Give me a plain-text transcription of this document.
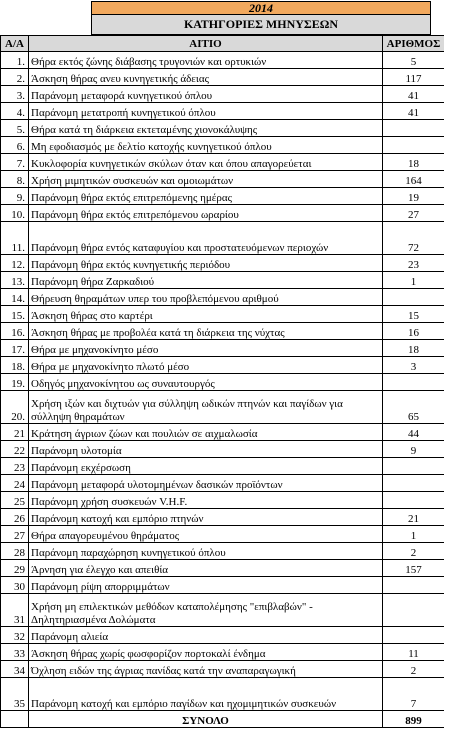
2014
ΚΑΤΗΓΟΡΙΕΣ ΜΗΝΥΣΕΩΝ
Α/Α	ΑΙΤΙΟ	ΑΡΙΘΜΟΣ
1.	Θήρα εκτός ζώνης διάβασης τρυγονιών και ορτυκιών	5
2.	Άσκηση θήρας ανευ κυνηγετικής άδειας	117
3.	Παράνομη μεταφορά κυνηγετικού όπλου	41
4.	Παράνομη μετατροπή κυνηγετικού όπλου	41
5.	Θήρα κατά τη διάρκεια εκτεταμένης χιονοκάλυψης	
6.	Μη εφοδιασμός με δελτίο κατοχής κυνηγετικού όπλου	
7.	Κυκλοφορία κυνηγετικών σκύλων όταν και όπου απαγορεύεται	18
8.	Χρήση μιμητικών συσκευών και ομοιωμάτων	164
9.	Παράνομη θήρα εκτός επιτρεπόμενης ημέρας	19
10.	Παράνομη θήρα εκτός επιτρεπόμενου ωραρίου	27
11.	Παράνομη θήρα εντός καταφυγίου και προστατευόμενων περιοχών	72
12.	Παράνομη θήρα εκτός κυνηγετικής περιόδου	23
13.	Παράνομη θήρα Ζαρκαδιού	1
14.	Θήρευση θηραμάτων υπερ του προβλεπόμενου αριθμού	
15.	Άσκηση θήρας στο καρτέρι	15
16.	Άσκηση θήρας με προβολέα κατά τη διάρκεια της νύχτας	16
17.	Θήρα με μηχανοκίνητο μέσο	18
18.	Θήρα με μηχανοκίνητο πλωτό μέσο	3
19.	Οδηγός μηχανοκίνητου ως συναυτουργός	
20.	Χρήση ιξών και διχτυών για σύλληψη ωδικών πτηνών και παγίδων για σύλληψη θηραμάτων	65
21	Κράτηση άγριων ζώων και πουλιών σε αιχμαλωσία	44
22	Παράνομη υλοτομία	9
23	Παράνομη εκχέρσωση	
24	Παράνομη μεταφορά υλοτομημένων δασικών προϊόντων	
25	Παράνομη χρήση συσκευών V.H.F.	
26	Παράνομη κατοχή και εμπόριο πτηνών	21
27	Θήρα απαγορευμένου θηράματος	1
28	Παράνομη παραχώρηση κυνηγετικού όπλου	2
29	Άρνηση για έλεγχο και απειθία	157
30	Παράνομη ρίψη απορριμμάτων	
31	Χρήση μη επιλεκτικών μεθόδων καταπολέμησης "επιβλαβών" - Δηλητηριασμένα Δολώματα	
32	Παράνομη αλιεία	
33	Άσκηση θήρας χωρίς φωσφορίζον πορτοκαλί ένδημα	11
34	Όχληση ειδών της άγριας πανίδας κατά την αναπαραγωγική	2
35	Παράνομη κατοχή και εμπόριο παγίδων και ηχομιμητικών συσκευών	7
	ΣΥΝΟΛΟ	899
